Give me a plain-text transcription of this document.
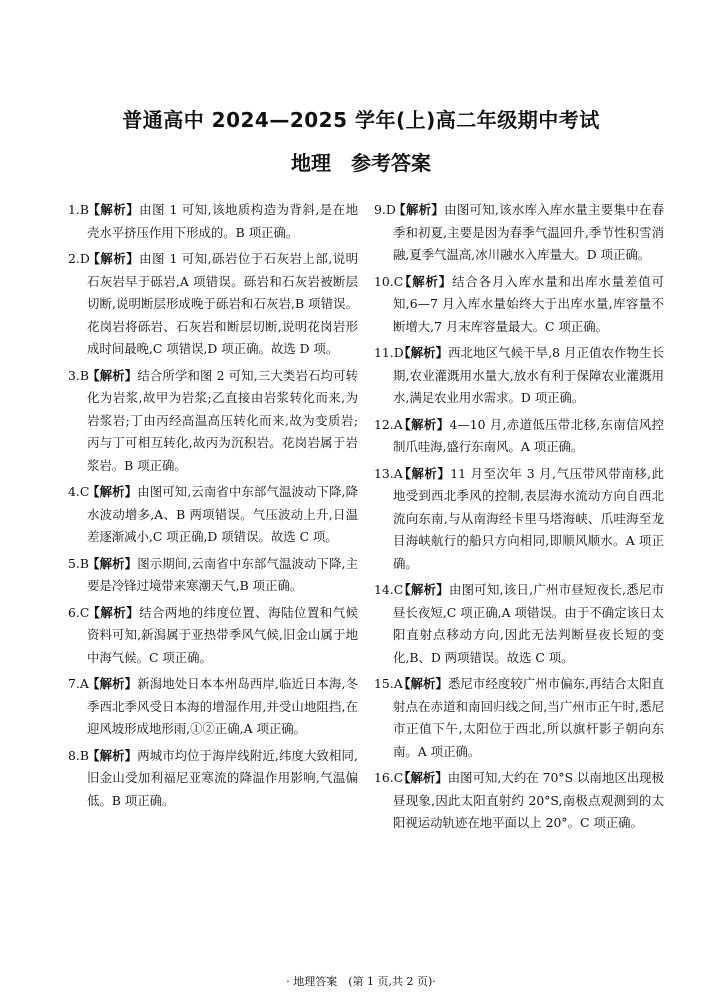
普通高中 2024—2025 学年(上)高二年级期中考试
地理　参考答案
1.B【解析】由图 1 可知,该地质构造为背斜,是在地壳水平挤压作用下形成的。B 项正确。
2.D【解析】由图 1 可知,砾岩位于石灰岩上部,说明石灰岩早于砾岩,A 项错误。砾岩和石灰岩被断层切断,说明断层形成晚于砾岩和石灰岩,B 项错误。花岗岩将砾岩、石灰岩和断层切断,说明花岗岩形成时间最晚,C 项错误,D 项正确。故选 D 项。
3.B【解析】结合所学和图 2 可知,三大类岩石均可转化为岩浆,故甲为岩浆;乙直接由岩浆转化而来,为岩浆岩;丁由丙经高温高压转化而来,故为变质岩;丙与丁可相互转化,故丙为沉积岩。花岗岩属于岩浆岩。B 项正确。
4.C【解析】由图可知,云南省中东部气温波动下降,降水波动增多,A、B 两项错误。气压波动上升,日温差逐渐减小,C 项正确,D 项错误。故选 C 项。
5.B【解析】图示期间,云南省中东部气温波动下降,主要是冷锋过境带来寒潮天气,B 项正确。
6.C【解析】结合两地的纬度位置、海陆位置和气候资料可知,新潟属于亚热带季风气候,旧金山属于地中海气候。C 项正确。
7.A【解析】新潟地处日本本州岛西岸,临近日本海,冬季西北季风受日本海的增湿作用,并受山地阻挡,在迎风坡形成地形雨,①②正确,A 项正确。
8.B【解析】两城市均位于海岸线附近,纬度大致相同,旧金山受加利福尼亚寒流的降温作用影响,气温偏低。B 项正确。
9.D【解析】由图可知,该水库入库水量主要集中在春季和初夏,主要是因为春季气温回升,季节性积雪消融,夏季气温高,冰川融水入库量大。D 项正确。
10.C【解析】结合各月入库水量和出库水量差值可知,6—7 月入库水量始终大于出库水量,库容量不断增大,7 月末库容量最大。C 项正确。
11.D【解析】西北地区气候干旱,8 月正值农作物生长期,农业灌溉用水量大,放水有利于保障农业灌溉用水,满足农业用水需求。D 项正确。
12.A【解析】4—10 月,赤道低压带北移,东南信风控制爪哇海,盛行东南风。A 项正确。
13.A【解析】11 月至次年 3 月,气压带风带南移,此地受到西北季风的控制,表层海水流动方向自西北流向东南,与从南海经卡里马塔海峡、爪哇海至龙目海峡航行的船只方向相同,即顺风顺水。A 项正确。
14.C【解析】由图可知,该日,广州市昼短夜长,悉尼市昼长夜短,C 项正确,A 项错误。由于不确定该日太阳直射点移动方向,因此无法判断昼夜长短的变化,B、D 两项错误。故选 C 项。
15.A【解析】悉尼市经度较广州市偏东,再结合太阳直射点在赤道和南回归线之间,当广州市正午时,悉尼市正值下午,太阳位于西北,所以旗杆影子朝向东南。A 项正确。
16.C【解析】由图可知,大约在 70°S 以南地区出现极昼现象,因此太阳直射约 20°S,南极点观测到的太阳视运动轨迹在地平面以上 20°。C 项正确。
· 地理答案　(第 1 页,共 2 页)·
